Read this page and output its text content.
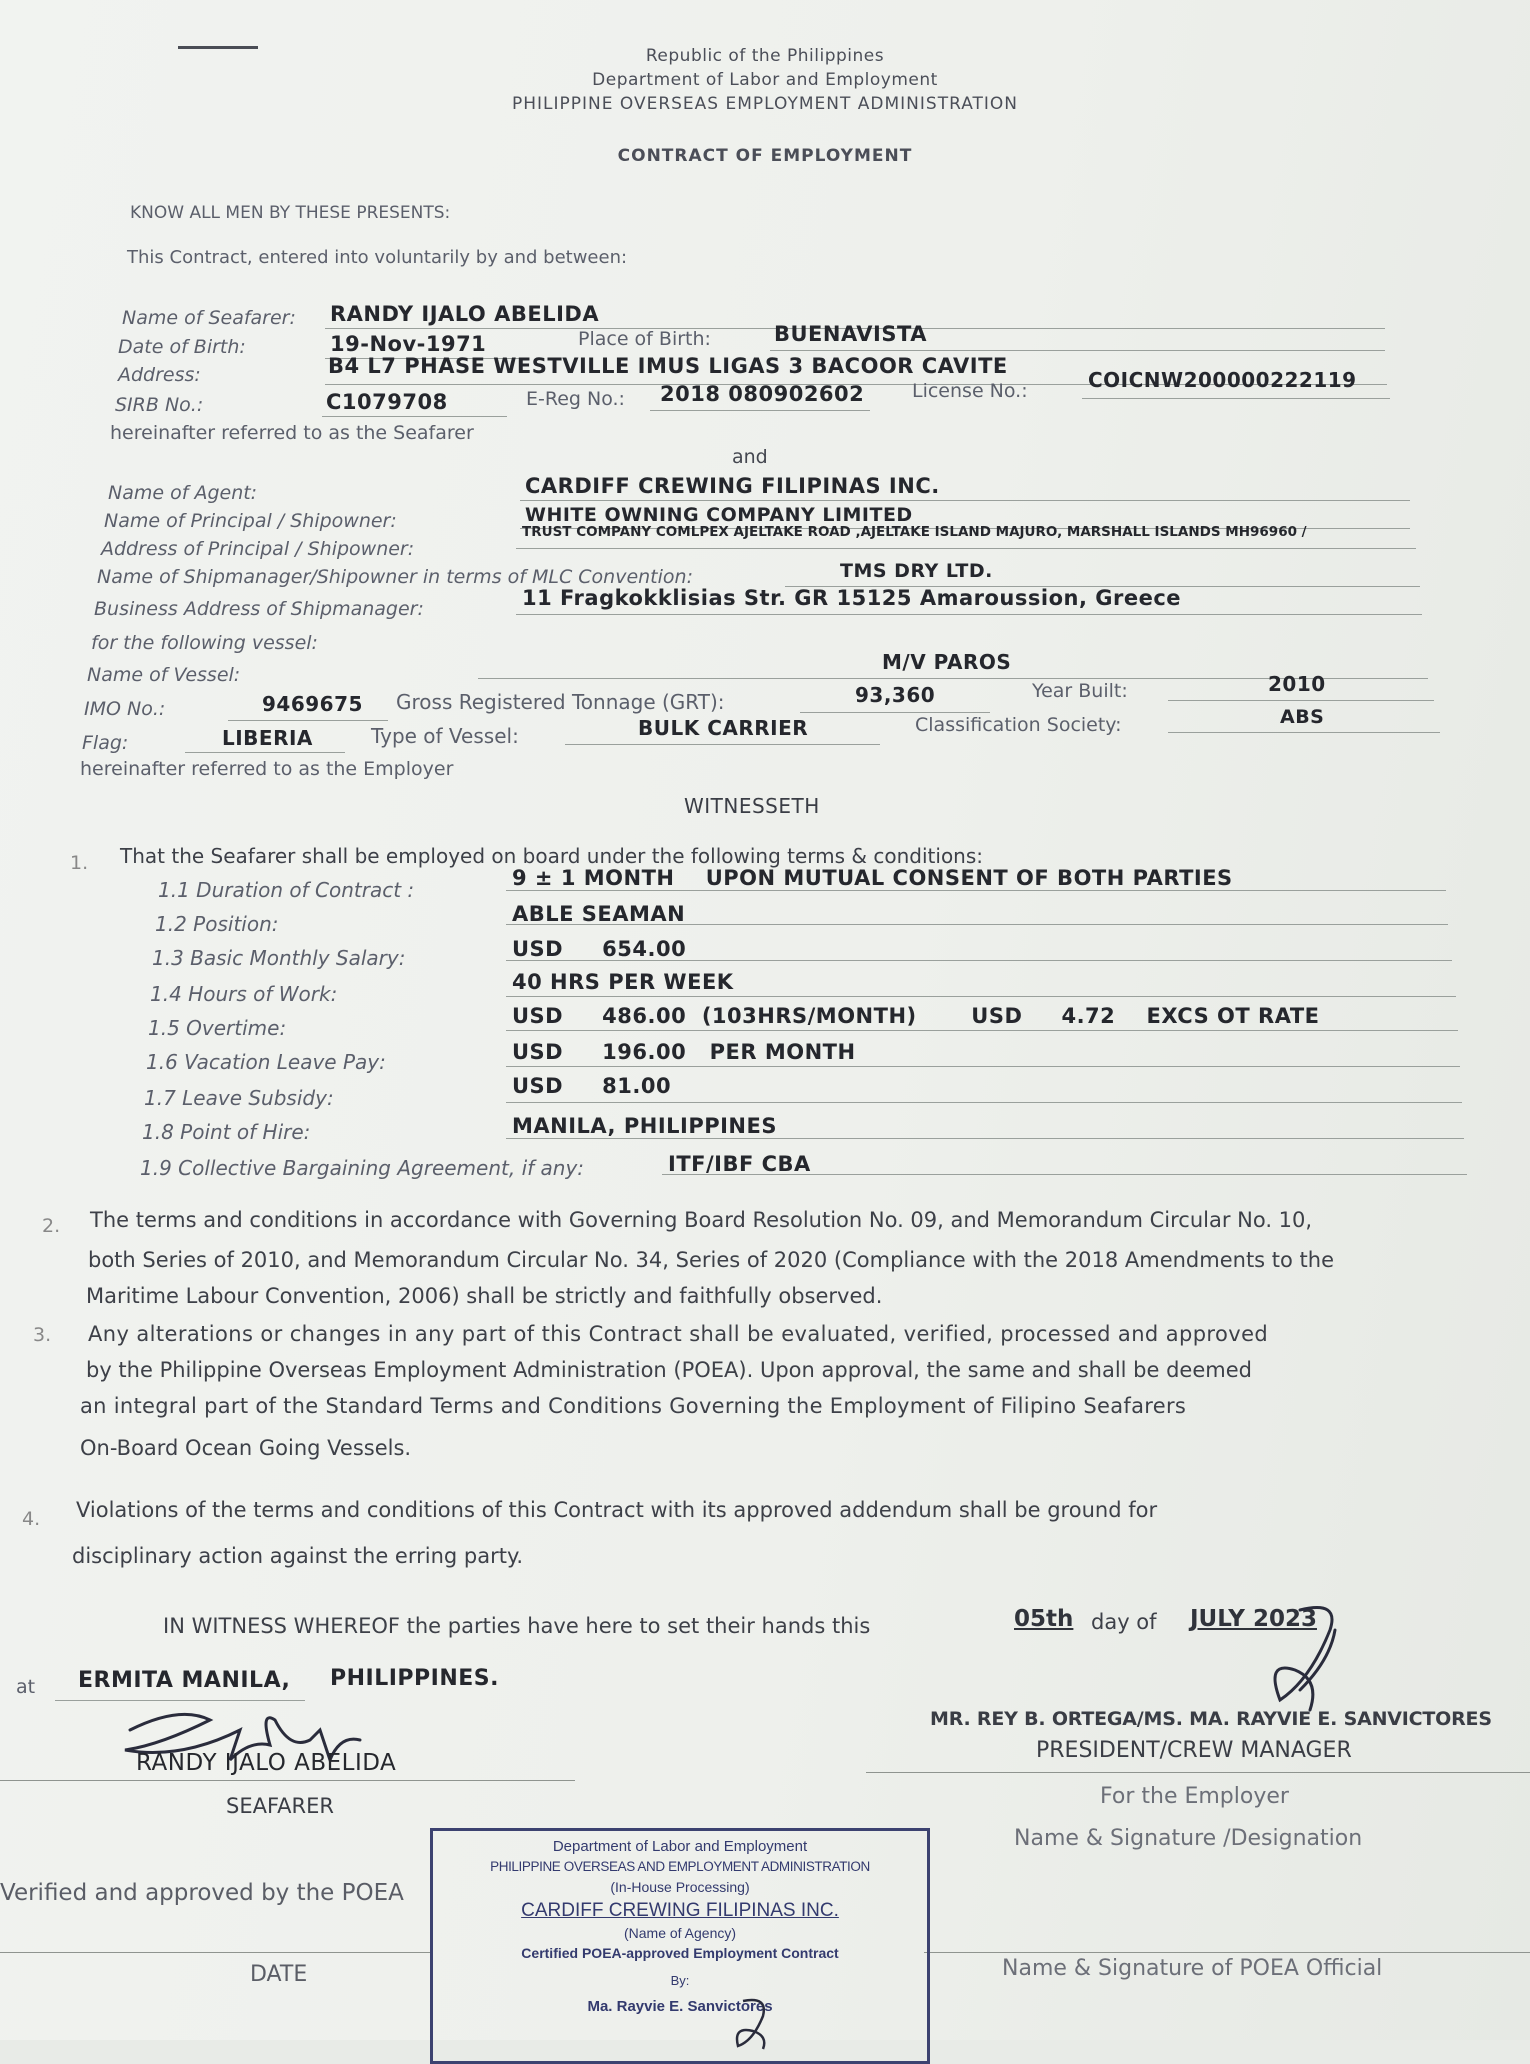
Republic of the Philippines
Department of Labor and Employment
PHILIPPINE OVERSEAS EMPLOYMENT ADMINISTRATION
CONTRACT OF EMPLOYMENT
KNOW ALL MEN BY THESE PRESENTS:
This Contract, entered into voluntarily by and between:
Name of Seafarer: RANDY IJALO ABELIDA
Date of Birth:	19-Nov-1971	Place of Birth:	BUENAVISTA
Address:	B4 L7 PHASE WESTVILLE IMUS LIGAS 3 BACOOR CAVITE
SIRB No.:	C1079708	E-Reg No.: 2018 080902602	License No.:	COICNW200000222119
hereinafter referred to as the Seafarer
and
Name of Agent:	CARDIFF CREWING FILIPINAS INC.
Name of Principal / Shipowner:	WHITE OWNING COMPANY LIMITED
Address of Principal / Shipowner:
TRUST COMPANY COMLPEX AJELTAKE ROAD ,AJELTAKE ISLAND MAJURO, MARSHALL ISLANDS MH96960 /
Name of Shipmanager/Shipowner in terms of MLC Convention:	TMS DRY LTD.
Business Address of Shipmanager:	11 Fragkokklisias Str. GR 15125 Amaroussion, Greece
for the following vessel:
Name of Vessel:
M/V PAROS
IMO No.:	9469675 Gross Registered Tonnage (GRT):	93,360	Year Built:	2010
Flag:	LIBERIA	Type of Vessel:	BULK CARRIER	Classification Society:	ABS
hereinafter referred to as the Employer
WITNESSETH
1. That the Seafarer shall be employed on board under the following terms & conditions:
1.1 Duration of Contract :	9 ± 1 MONTH    UPON MUTUAL CONSENT OF BOTH PARTIES
1.2 Position:	ABLE SEAMAN
1.3 Basic Monthly Salary:	USD     654.00
1.4 Hours of Work:	40 HRS PER WEEK
1.5 Overtime:	USD     486.00  (103HRS/MONTH)       USD     4.72    EXCS OT RATE
1.6 Vacation Leave Pay:	USD     196.00   PER MONTH
1.7 Leave Subsidy:	USD     81.00
1.8 Point of Hire:	MANILA, PHILIPPINES
1.9 Collective Bargaining Agreement, if any:	ITF/IBF CBA
2. The terms and conditions in accordance with Governing Board Resolution No. 09, and Memorandum Circular No. 10,
both Series of 2010, and Memorandum Circular No. 34, Series of 2020 (Compliance with the 2018 Amendments to the
Maritime Labour Convention, 2006) shall be strictly and faithfully observed.
3. Any alterations or changes in any part of this Contract shall be evaluated, verified, processed and approved
by the Philippine Overseas Employment Administration (POEA). Upon approval, the same and shall be deemed
an integral part of the Standard Terms and Conditions Governing the Employment of Filipino Seafarers
On-Board Ocean Going Vessels.
4. Violations of the terms and conditions of this Contract with its approved addendum shall be ground for
disciplinary action against the erring party.
IN WITNESS WHEREOF the parties have here to set their hands this	05th day of JULY 2023
at ERMITA MANILA, PHILIPPINES.
RANDY IJALO ABELIDA
SEAFARER
MR. REY B. ORTEGA/MS. MA. RAYVIE E. SANVICTORES
PRESIDENT/CREW MANAGER
For the Employer
Name & Signature /Designation
Verified and approved by the POEA
DATE	Name & Signature of POEA Official
Department of Labor and Employment
PHILIPPINE OVERSEAS AND EMPLOYMENT ADMINISTRATION
(In-House Processing)
CARDIFF CREWING FILIPINAS INC.
(Name of Agency)
Certified POEA-approved Employment Contract
By:
Ma. Rayvie E. Sanvictores
